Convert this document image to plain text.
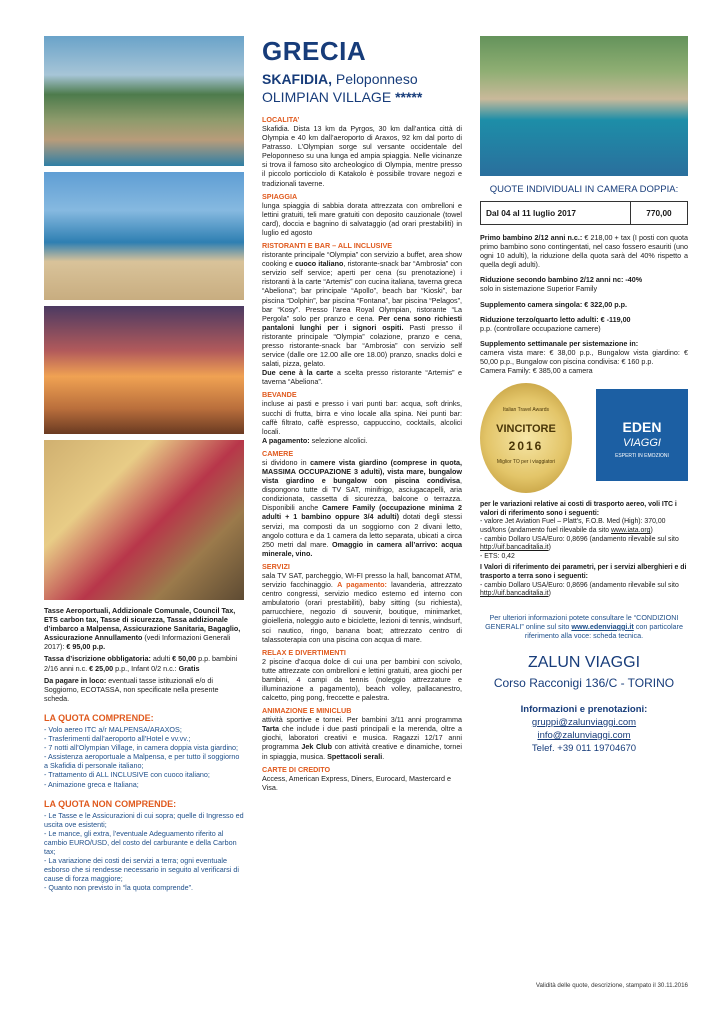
Tasse Aeroportuali, Addizionale Comunale, Council Tax, ETS carbon tax, Tasse di sicurezza, Tassa addizionale d’imbarco a Malpensa, Assicurazione Sanitaria, Bagaglio, Assicurazione Annullamento (vedi Informazioni Generali 2017): € 95,00 p.p.
Tassa d’iscrizione obbligatoria: adulti € 50,00 p.p. bambini 2/16 anni n.c. € 25,00 p.p., Infant 0/2 n.c.: Gratis
Da pagare in loco: eventuali tasse istituzionali e/o di Soggiorno, ECOTASSA, non specificate nella presente scheda.
LA QUOTA COMPRENDE:
- Volo aereo ITC a/r MALPENSA/ARAXOS;
- Trasferimenti dall’aeroporto all’Hotel e vv.vv.;
- 7 notti all’Olympian Village, in camera doppia vista giardino;
- Assistenza aeroportuale a Malpensa, e per tutto il soggiorno a Skafidia di personale italiano;
- Trattamento di ALL INCLUSIVE con cuoco italiano;
- Animazione greca e Italiana;
LA QUOTA NON COMPRENDE:
- Le Tasse e le Assicurazioni di cui sopra; quelle di Ingresso ed uscita ove esistenti;
- Le mance, gli extra, l’eventuale Adeguamento riferito al cambio EURO/USD, del costo del carburante e della Carbon tax;
- La variazione dei costi dei servizi a terra; ogni eventuale esborso che si rendesse necessario in seguito al verificarsi di cause di forza maggiore;
- Quanto non previsto in “la quota comprende”.
GRECIA
SKAFIDIA, Peloponneso
OLIMPIAN VILLAGE *****
LOCALITA’
Skafidia. Dista 13 km da Pyrgos, 30 km dall’antica città di Olympia e 40 km dall’aeroporto di Araxos, 92 km dal porto di Patrasso. L’Olympian sorge sul versante occidentale del Peloponneso su una lunga ed ampia spiaggia. Nelle vicinanze si trova il famoso sito archeologico di Olympia, mentre presso il piccolo porticciolo di Katakolo è possibile trovare negozi e tradizionali taverne.
SPIAGGIA
lunga spiaggia di sabbia dorata attrezzata con ombrelloni e lettini gratuiti, teli mare gratuiti con deposito cauzionale (towel card), doccia e bagnino di salvataggio (ad orari prestabiliti) in luglio ed agosto
RISTORANTI E BAR – ALL INCLUSIVE
ristorante principale “Olympia” con servizio a buffet, area show cooking e cuoco italiano, ristorante-snack bar “Ambrosia” con servizio self service; aperti per cena (su prenotazione) i ristoranti à la carte “Artemis” con cucina italiana, taverna greca “Abeliona”; bar principale “Apollo”, beach bar “Kioski”, bar piscina “Dolphin”, bar piscina “Fontana”, bar piscina “Pelagos”, bar “Kosy”. Presso l’area Royal Olympian, ristorante “La Pergola” solo per pranzo e cena. Per cena sono richiesti pantaloni lunghi per i signori ospiti. Pasti presso il ristorante principale “Olympia” colazione, pranzo e cena, presso ristorante-snack bar “Ambrosia” con servizio self service (dalle ore 12.00 alle ore 18.00) pranzo, snacks dolci e salati, pizza, gelato.
Due cene à la carte a scelta presso ristorante “Artemis” e taverna “Abeliona”.
BEVANDE
incluse ai pasti e presso i vari punti bar: acqua, soft drinks, succhi di frutta, birra e vino locale alla spina. Nei punti bar: caffè filtrato, caffè espresso, cappuccino, cocktails, alcolici locali.
A pagamento: selezione alcolici.
CAMERE
si dividono in camere vista giardino (comprese in quota, MASSIMA OCCUPAZIONE 3 adulti), vista mare, bungalow vista giardino e bungalow con piscina condivisa, dispongono tutte di TV SAT, minifrigo, asciugacapelli, aria condizionata, cassetta di sicurezza, balcone o terrazza. Disponibili anche Camere Family (occupazione minima 2 adulti + 1 bambino oppure 3/4 adulti) dotati degli stessi servizi, ma composti da un soggiorno con 2 divani letto, angolo cottura e da 1 camera da letto separata, ubicati a circa 250 metri dal mare. Omaggio in camera all’arrivo: acqua minerale, vino.
SERVIZI
sala TV SAT, parcheggio, WI-FI presso la hall, bancomat ATM, servizio facchinaggio. A pagamento: lavanderia, attrezzato centro congressi, servizio medico esterno ed interno con ambulatorio (orari prestabiliti), baby sitting (su richiesta), parrucchiere, negozio di souvenir, boutique, minimarket, gioielleria, noleggio auto e biciclette, lezioni di tennis, windsurf, sci nautico, ringo, banana boat; attrezzato centro di talassoterapia con una piscina con acqua di mare.
RELAX E DIVERTIMENTI
2 piscine d’acqua dolce di cui una per bambini con scivolo, tutte attrezzate con ombrelloni e lettini gratuiti, area giochi per bambini, 4 campi da tennis (noleggio attrezzature e illuminazione a pagamento), beach volley, pallacanestro, calcetto, ping pong, freccette e palestra.
ANIMAZIONE E MINICLUB
attività sportive e tornei. Per bambini 3/11 anni programma Tarta che include i due pasti principali e la merenda, oltre a giochi, laboratori creativi e musica. Ragazzi 12/17 anni programma Jek Club con attività creative e dinamiche, tornei in spiaggia, musica. Spettacoli serali.
CARTE DI CREDITO
Access, American Express, Diners, Eurocard, Mastercard e Visa.
QUOTE INDIVIDUALI IN CAMERA DOPPIA:
Dal 04 al 11 luglio 2017	770,00
Primo bambino 2/12 anni n.c.: € 218,00 + tax (I posti con quota primo bambino sono contingentati, nel caso fossero esauriti (uno ogni 10 adulti), la riduzione della quota sarà del 40% rispetto a quella degli adulti).
Riduzione secondo bambino 2/12 anni nc: -40%
solo in sistemazione Superior Family
Supplemento camera singola: € 322,00 p.p.
Riduzione terzo/quarto letto adulti: € -119,00
p.p. (controllare occupazione camere)
Supplemento settimanale per sistemazione in:
camera vista mare: € 38,00 p.p., Bungalow vista giardino: € 50,00 p.p., Bungalow con piscina condivisa: € 160 p.p.
Camera Family: € 385,00 a camera
Italian Travel Awards
VINCITORE
2016
Miglior TO per i viaggiatori
EDEN
VIAGGI
ESPERTI IN EMOZIONI
per le variazioni relative ai costi di trasporto aereo, voli ITC i valori di riferimento sono i seguenti:
- valore Jet Aviation Fuel – Platt’s, F.O.B. Med (High): 370,00 usd/tons (andamento fuel rilevabile da sito www.iata.org)
- cambio Dollaro USA/Euro: 0,8696 (andamento rilevabile sul sito http://uif.bancaditalia.it)
- ETS: 0,42
I Valori di riferimento dei parametri, per i servizi alberghieri e di trasporto a terra sono i seguenti:
- cambio Dollaro USA/Euro: 0,8696 (andamento rilevabile sul sito http://uif.bancaditalia.it)
Per ulteriori informazioni potete consultare le “CONDIZIONI GENERALI” online sul sito www.edenviaggi.it con particolare riferimento alla voce: scheda tecnica.
ZALUN VIAGGI
Corso Racconigi 136/C - TORINO
Informazioni e prenotazioni:
gruppi@zalunviaggi.com
info@zalunviaggi.com
Telef. +39 011 19704670
Validità delle quote, descrizione, stampato il 30.11.2016
